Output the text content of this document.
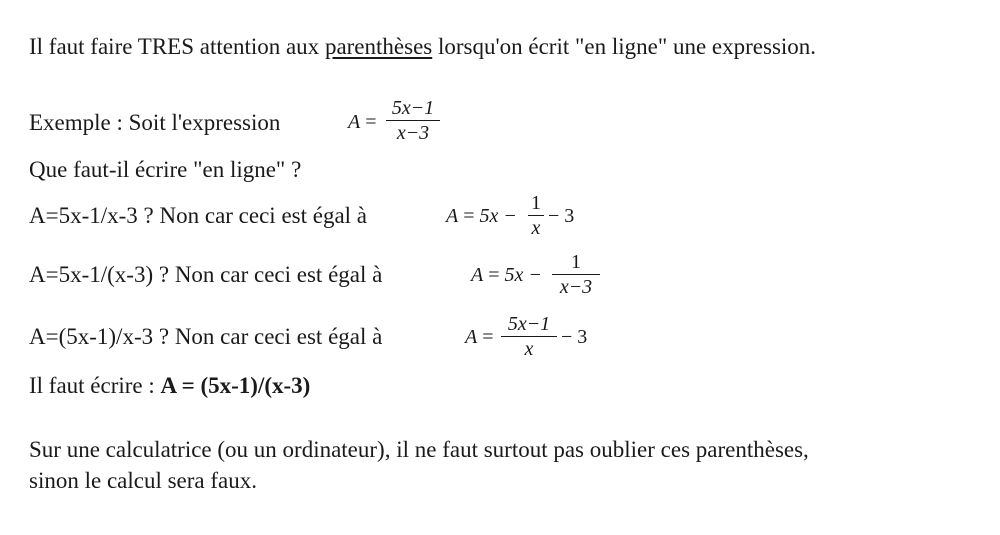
Il faut faire TRES attention aux parenthèses lorsqu'on écrit "en ligne" une expression.
Exemple : Soit l'expression	A =
5x−1
x−3
Que faut-il écrire "en ligne" ?
A=5x-1/x-3 ? Non car ceci est égal à	A = 5x −
1
x
− 3
A=5x-1/(x-3) ? Non car ceci est égal à	A = 5x −
1
x−3
A=(5x-1)/x-3 ? Non car ceci est égal à	A =
5x−1
x
− 3
Il faut écrire : A = (5x-1)/(x-3)
Sur une calculatrice (ou un ordinateur), il ne faut surtout pas oublier ces parenthèses,
sinon le calcul sera faux.
